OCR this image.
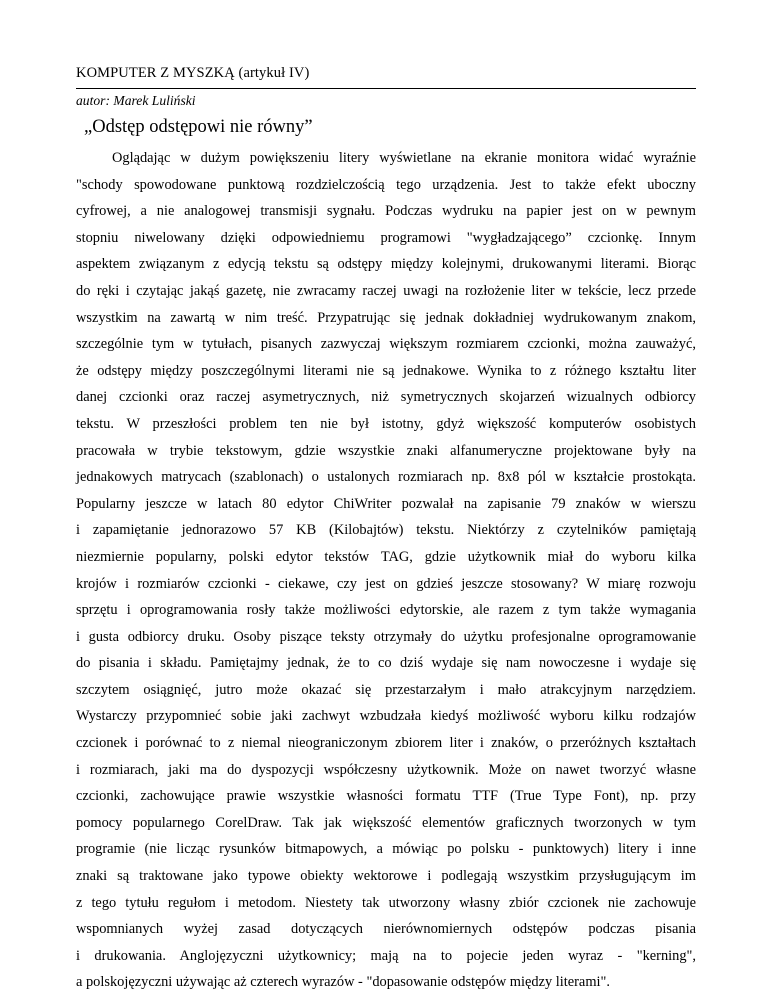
KOMPUTER Z MYSZKĄ (artykuł IV)
autor: Marek Luliński
„Odstęp odstępowi nie równy”
Oglądając w dużym powiększeniu litery wyświetlane na ekranie monitora widać wyraźnie
"schody spowodowane punktową rozdzielczością tego urządzenia. Jest to także efekt uboczny
cyfrowej, a nie analogowej transmisji sygnału. Podczas wydruku na papier jest on w pewnym
stopniu niwelowany dzięki odpowiedniemu programowi "wygładzającego” czcionkę. Innym
aspektem związanym z edycją tekstu są odstępy między kolejnymi, drukowanymi literami. Biorąc
do ręki i czytając jakąś gazetę, nie zwracamy raczej uwagi na rozłożenie liter w tekście, lecz przede
wszystkim na zawartą w nim treść. Przypatrując się jednak dokładniej wydrukowanym znakom,
szczególnie tym w tytułach, pisanych zazwyczaj większym rozmiarem czcionki, można zauważyć,
że odstępy między poszczególnymi literami nie są jednakowe. Wynika to z różnego kształtu liter
danej czcionki oraz raczej asymetrycznych, niż symetrycznych skojarzeń wizualnych odbiorcy
tekstu. W przeszłości problem ten nie był istotny, gdyż większość komputerów osobistych
pracowała w trybie tekstowym, gdzie wszystkie znaki alfanumeryczne projektowane były na
jednakowych matrycach (szablonach) o ustalonych rozmiarach np. 8x8 pól w kształcie prostokąta.
Popularny jeszcze w latach 80 edytor ChiWriter pozwalał na zapisanie 79 znaków w wierszu
i zapamiętanie jednorazowo 57 KB (Kilobajtów) tekstu. Niektórzy z czytelników pamiętają
niezmiernie popularny, polski edytor tekstów TAG, gdzie użytkownik miał do wyboru kilka
krojów i rozmiarów czcionki - ciekawe, czy jest on gdzieś jeszcze stosowany? W miarę rozwoju
sprzętu i oprogramowania rosły także możliwości edytorskie, ale razem z tym także wymagania
i gusta odbiorcy druku. Osoby piszące teksty otrzymały do użytku profesjonalne oprogramowanie
do pisania i składu. Pamiętajmy jednak, że to co dziś wydaje się nam nowoczesne i wydaje się
szczytem osiągnięć, jutro może okazać się przestarzałym i mało atrakcyjnym narzędziem.
Wystarczy przypomnieć sobie jaki zachwyt wzbudzała kiedyś możliwość wyboru kilku rodzajów
czcionek i porównać to z niemal nieograniczonym zbiorem liter i znaków, o przeróżnych kształtach
i rozmiarach, jaki ma do dyspozycji współczesny użytkownik. Może on nawet tworzyć własne
czcionki, zachowujące prawie wszystkie własności formatu TTF (True Type Font), np. przy
pomocy popularnego CorelDraw. Tak jak większość elementów graficznych tworzonych w tym
programie (nie licząc rysunków bitmapowych, a mówiąc po polsku - punktowych) litery i inne
znaki są traktowane jako typowe obiekty wektorowe i podlegają wszystkim przysługującym im
z tego tytułu regułom i metodom. Niestety tak utworzony własny zbiór czcionek nie zachowuje
wspomnianych wyżej zasad dotyczących nierównomiernych odstępów podczas pisania
i drukowania. Anglojęzyczni użytkownicy; mają na to pojecie jeden wyraz - "kerning",
a polskojęzyczni używając aż czterech wyrazów - "dopasowanie odstępów między literami".
